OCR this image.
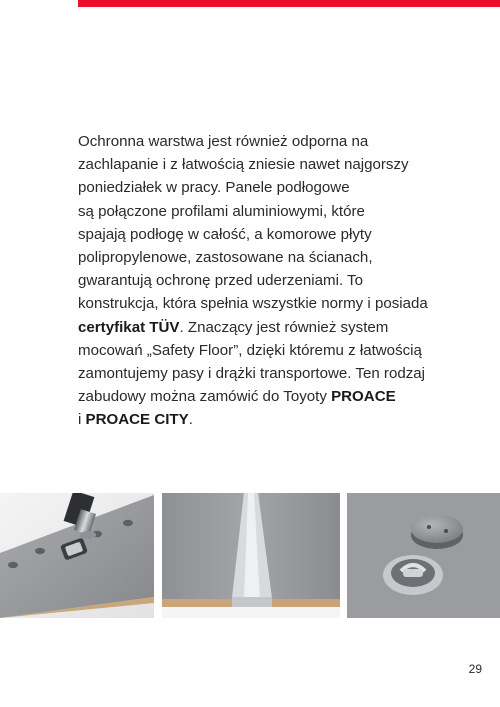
Ochronna warstwa jest również odporna na
zachlapanie i z łatwością zniesie nawet najgorszy
poniedziałek w pracy. Panele podłogowe
są połączone profilami aluminiowymi, które
spajają podłogę w całość, a komorowe płyty
polipropylenowe, zastosowane na ścianach,
gwarantują ochronę przed uderzeniami. To
konstrukcja, która spełnia wszystkie normy i posiada
certyfikat TÜV. Znaczący jest również system
mocowań „Safety Floor”, dzięki któremu z łatwością
zamontujemy pasy i drążki transportowe. Ten rodzaj
zabudowy można zamówić do Toyoty PROACE
i PROACE CITY.

29
